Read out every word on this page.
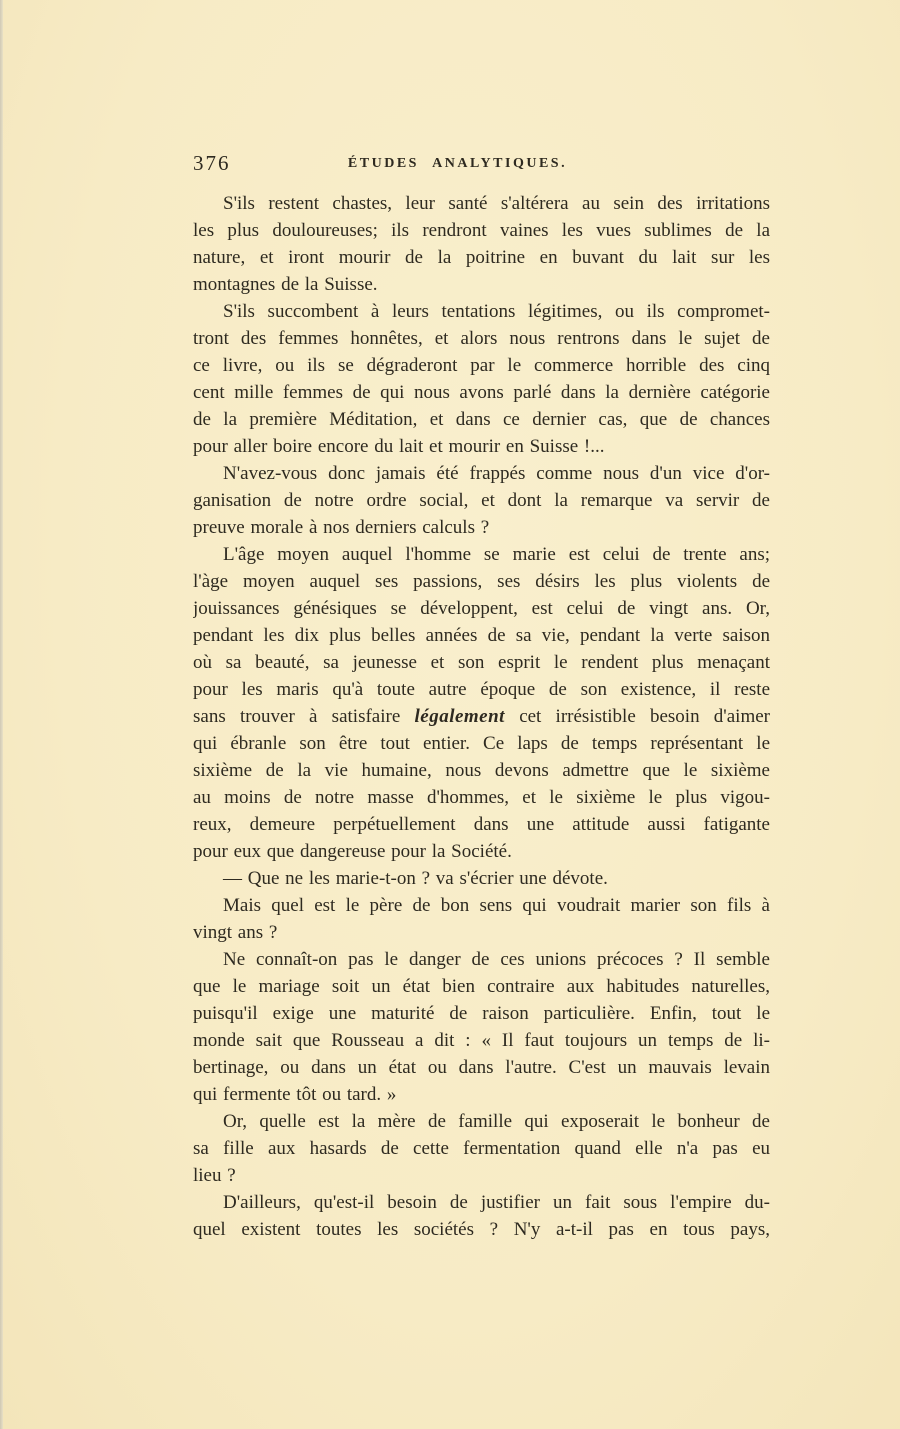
376	ÉTUDES ANALYTIQUES.
S'ils restent chastes, leur santé s'altérera au sein des irritations
les plus douloureuses; ils rendront vaines les vues sublimes de la
nature, et iront mourir de la poitrine en buvant du lait sur les
montagnes de la Suisse.
S'ils succombent à leurs tentations légitimes, ou ils compromet-
tront des femmes honnêtes, et alors nous rentrons dans le sujet de
ce livre, ou ils se dégraderont par le commerce horrible des cinq
cent mille femmes de qui nous avons parlé dans la dernière catégorie
de la première Méditation, et dans ce dernier cas, que de chances
pour aller boire encore du lait et mourir en Suisse !...
N'avez-vous donc jamais été frappés comme nous d'un vice d'or-
ganisation de notre ordre social, et dont la remarque va servir de
preuve morale à nos derniers calculs ?
L'âge moyen auquel l'homme se marie est celui de trente ans;
l'àge moyen auquel ses passions, ses désirs les plus violents de
jouissances génésiques se développent, est celui de vingt ans. Or,
pendant les dix plus belles années de sa vie, pendant la verte saison
où sa beauté, sa jeunesse et son esprit le rendent plus menaçant
pour les maris qu'à toute autre époque de son existence, il reste
sans trouver à satisfaire légalement cet irrésistible besoin d'aimer
qui ébranle son être tout entier. Ce laps de temps représentant le
sixième de la vie humaine, nous devons admettre que le sixième
au moins de notre masse d'hommes, et le sixième le plus vigou-
reux, demeure perpétuellement dans une attitude aussi fatigante
pour eux que dangereuse pour la Société.
— Que ne les marie-t-on ? va s'écrier une dévote.
Mais quel est le père de bon sens qui voudrait marier son fils à
vingt ans ?
Ne connaît-on pas le danger de ces unions précoces ? Il semble
que le mariage soit un état bien contraire aux habitudes naturelles,
puisqu'il exige une maturité de raison particulière. Enfin, tout le
monde sait que Rousseau a dit : « Il faut toujours un temps de li-
bertinage, ou dans un état ou dans l'autre. C'est un mauvais levain
qui fermente tôt ou tard. »
Or, quelle est la mère de famille qui exposerait le bonheur de
sa fille aux hasards de cette fermentation quand elle n'a pas eu
lieu ?
D'ailleurs, qu'est-il besoin de justifier un fait sous l'empire du-
quel existent toutes les sociétés ? N'y a-t-il pas en tous pays,
